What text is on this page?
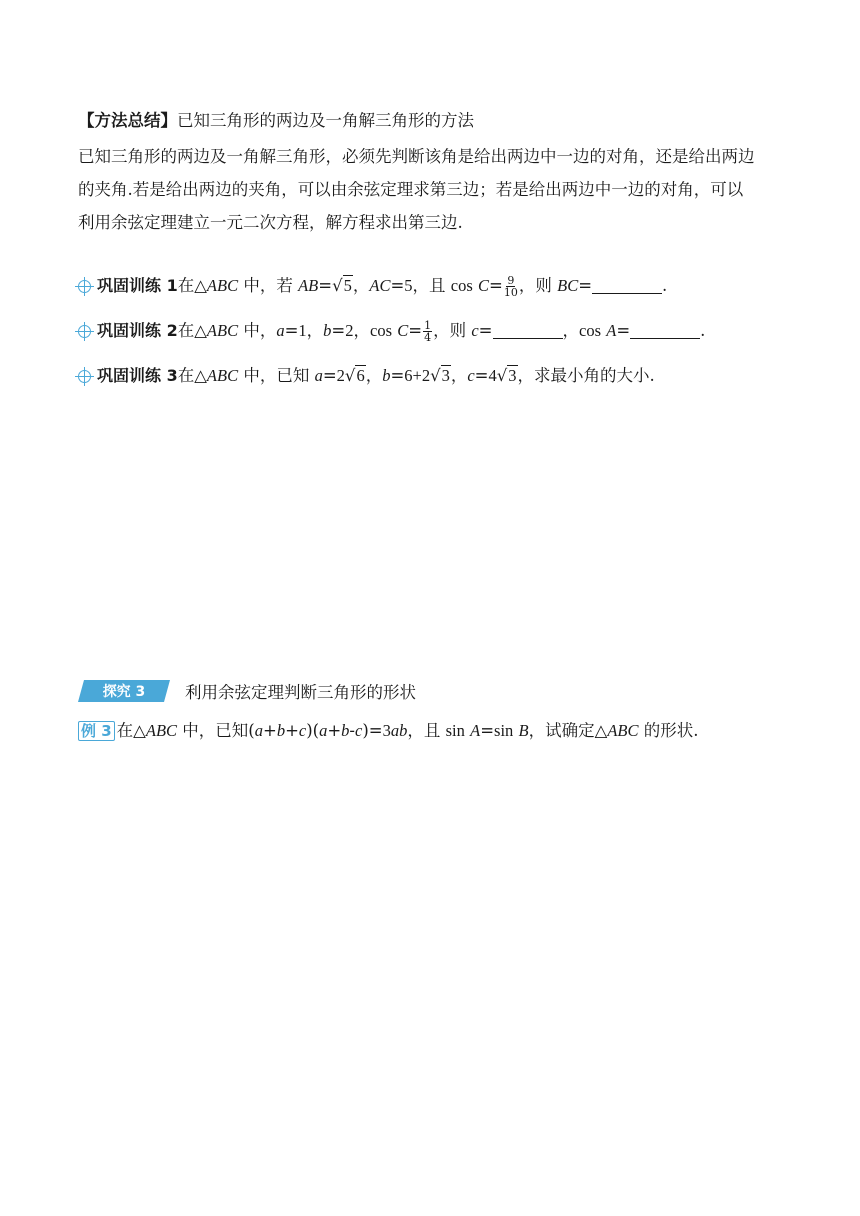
【方法总结】已知三角形的两边及一角解三角形的方法
已知三角形的两边及一角解三角形，必须先判断该角是给出两边中一边的对角，还是给出两边
的夹角.若是给出两边的夹角，可以由余弦定理求第三边；若是给出两边中一边的对角，可以
利用余弦定理建立一元二次方程，解方程求出第三边.
巩固训练 1在△ABC 中，若 AB=√5，AC=5，且 $\cos C= \frac{9}{10}$ ，则 BC=	.
巩固训练 2在△ABC 中，a=1，b=2，$\cos C= \frac{1}{4}$ ，则 c=	，cos A=	.
巩固训练 3在△ABC 中，已知 a=2√6，b=6+2√3，c=4√3，求最小角的大小.
探究 3 利用余弦定理判断三角形的形状
例 3 在△ABC 中，已知(a+b+c)(a+b-c)=3ab，且 sin A=sin B，试确定△ABC 的形状.
